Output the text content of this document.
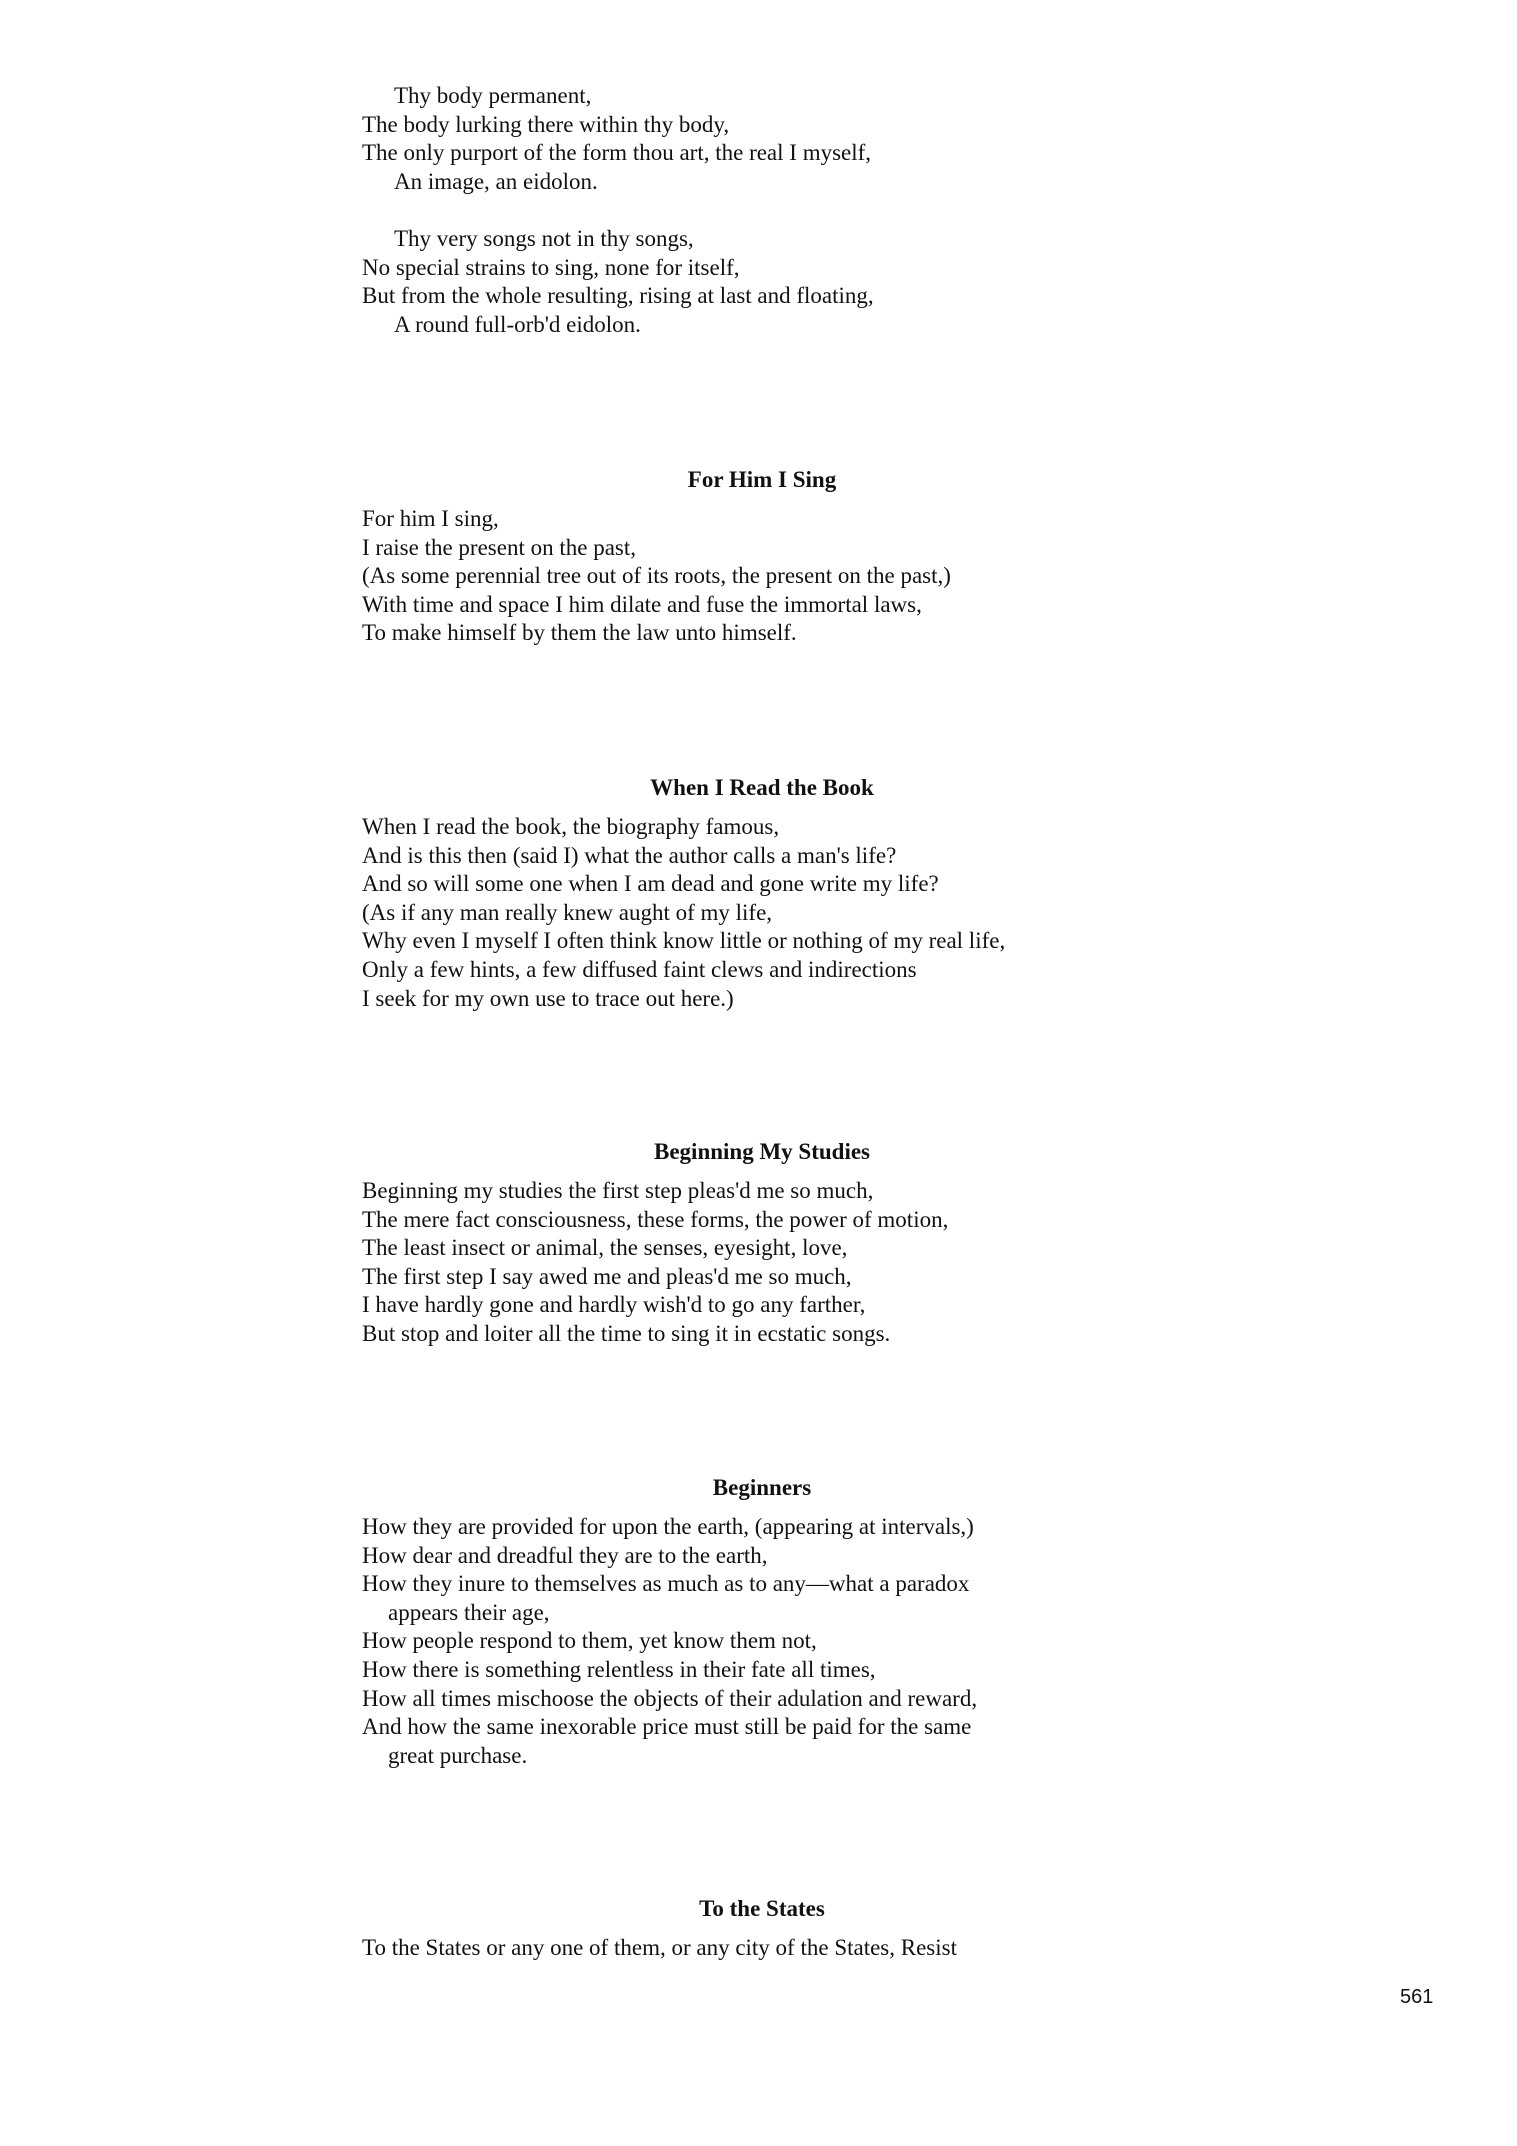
Thy body permanent,
The body lurking there within thy body,
The only purport of the form thou art, the real I myself,
An image, an eidolon.
Thy very songs not in thy songs,
No special strains to sing, none for itself,
But from the whole resulting, rising at last and floating,
A round full-orb'd eidolon.
For Him I Sing
For him I sing,
I raise the present on the past,
(As some perennial tree out of its roots, the present on the past,)
With time and space I him dilate and fuse the immortal laws,
To make himself by them the law unto himself.
When I Read the Book
When I read the book, the biography famous,
And is this then (said I) what the author calls a man's life?
And so will some one when I am dead and gone write my life?
(As if any man really knew aught of my life,
Why even I myself I often think know little or nothing of my real life,
Only a few hints, a few diffused faint clews and indirections
I seek for my own use to trace out here.)
Beginning My Studies
Beginning my studies the first step pleas'd me so much,
The mere fact consciousness, these forms, the power of motion,
The least insect or animal, the senses, eyesight, love,
The first step I say awed me and pleas'd me so much,
I have hardly gone and hardly wish'd to go any farther,
But stop and loiter all the time to sing it in ecstatic songs.
Beginners
How they are provided for upon the earth, (appearing at intervals,)
How dear and dreadful they are to the earth,
How they inure to themselves as much as to any—what a paradox
appears their age,
How people respond to them, yet know them not,
How there is something relentless in their fate all times,
How all times mischoose the objects of their adulation and reward,
And how the same inexorable price must still be paid for the same
great purchase.
To the States
To the States or any one of them, or any city of the States, Resist
561
